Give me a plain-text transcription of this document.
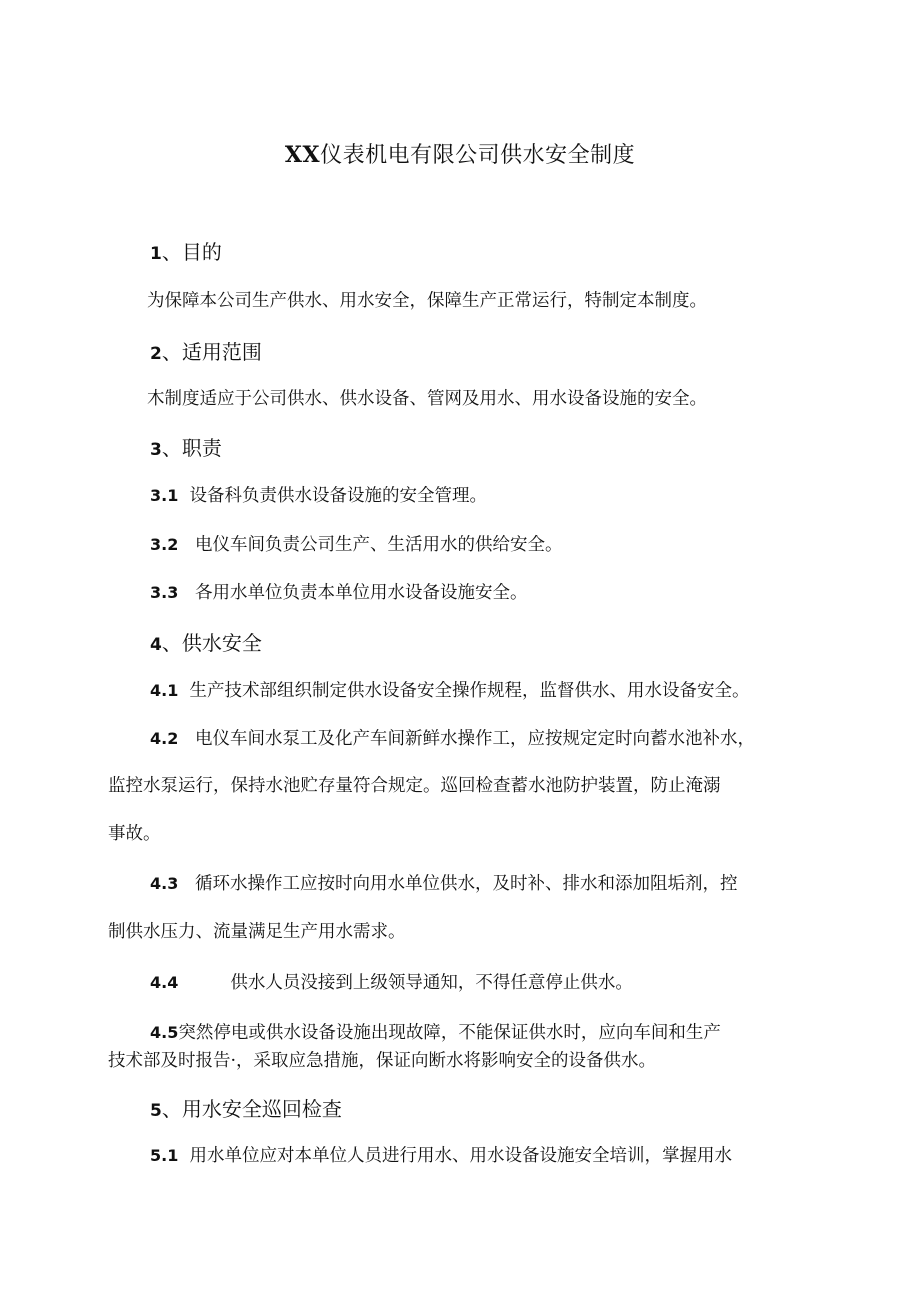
XX仪表机电有限公司供水安全制度
1、目的
为保障本公司生产供水、用水安全，保障生产正常运行，特制定本制度。
2、适用范围
木制度适应于公司供水、供水设备、管网及用水、用水设备设施的安全。
3、职责
3.1 设备科负责供水设备设施的安全管理。
3.2 电仪车间负责公司生产、生活用水的供给安全。
3.3 各用水单位负责本单位用水设备设施安全。
4、供水安全
4.1 生产技术部组织制定供水设备安全操作规程，监督供水、用水设备安全。
4.2 电仪车间水泵工及化产车间新鲜水操作工，应按规定定时向蓄水池补水，
监控水泵运行，保持水池贮存量符合规定。巡回检查蓄水池防护装置，防止淹溺
事故。
4.3 循环水操作工应按时向用水单位供水，及时补、排水和添加阻垢剂，控
制供水压力、流量满足生产用水需求。
4.4	供水人员没接到上级领导通知，不得任意停止供水。
4.5突然停电或供水设备设施出现故障，不能保证供水时，应向车间和生产
技术部及时报告·，采取应急措施，保证向断水将影响安全的设备供水。
5、用水安全巡回检查
5.1 用水单位应对本单位人员进行用水、用水设备设施安全培训，掌握用水
